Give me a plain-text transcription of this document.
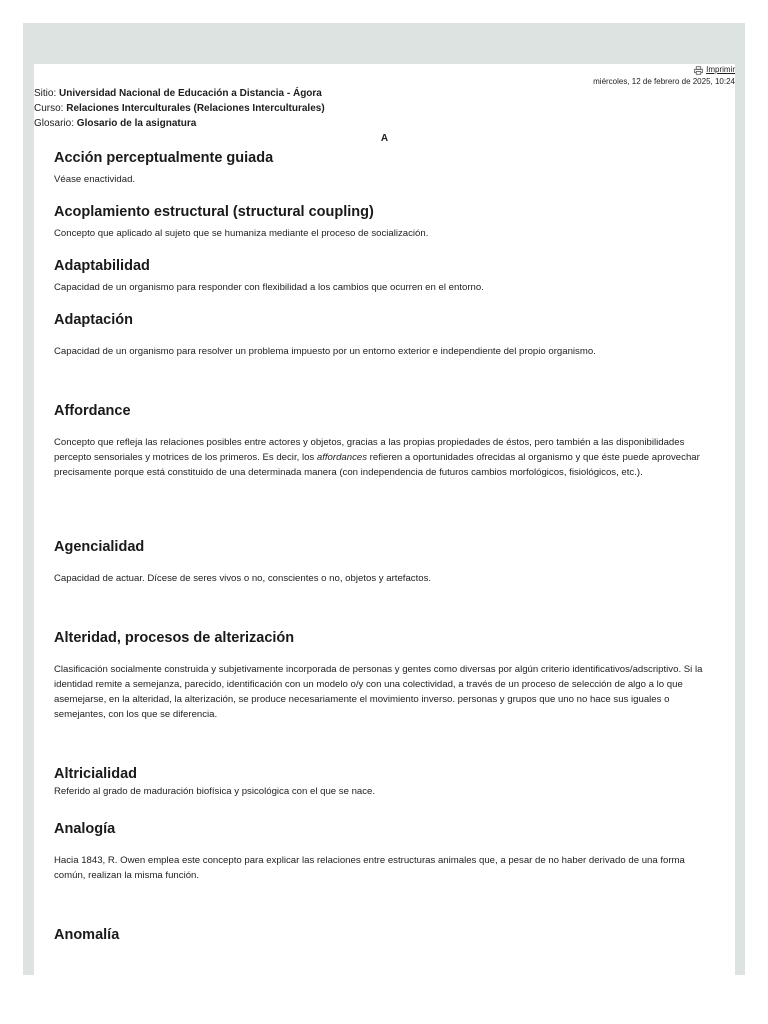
Imprimir
miércoles, 12 de febrero de 2025, 10:24
Sitio: Universidad Nacional de Educación a Distancia - Ágora
Curso: Relaciones Interculturales (Relaciones Interculturales)
Glosario: Glosario de la asignatura
A
Acción perceptualmente guiada

Véase enactividad.

Acoplamiento estructural (structural coupling)

Concepto que aplicado al sujeto que se humaniza mediante el proceso de socialización.

Adaptabilidad

Capacidad de un organismo para responder con flexibilidad a los cambios que ocurren en el entorno.

Adaptación

Capacidad de un organismo para resolver un problema impuesto por un entorno exterior e independiente del propio organismo.

Affordance

Concepto que refleja las relaciones posibles entre actores y objetos, gracias a las propias propiedades de éstos, pero también a las disponibilidades percepto sensoriales y motrices de los primeros. Es decir, los affordances refieren a oportunidades ofrecidas al organismo y que éste puede aprovechar precisamente porque está constituido de una determinada manera (con independencia de futuros cambios morfológicos, fisiológicos, etc.).

Agencialidad

Capacidad de actuar. Dícese de seres vivos o no, conscientes o no, objetos y artefactos.

Alteridad, procesos de alterización

Clasificación socialmente construida y subjetivamente incorporada de personas y gentes como diversas por algún criterio identificativos/adscriptivo. Si la identidad remite a semejanza, parecido, identificación con un modelo o/y con una colectividad, a través de un proceso de selección de algo a lo que asemejarse, en la alteridad, la alterización, se produce necesariamente el movimiento inverso. personas y grupos que uno no hace sus iguales o semejantes, con los que se diferencia.

Altricialidad

Referido al grado de maduración biofísica y psicológica con el que se nace.

Analogía

Hacia 1843, R. Owen emplea este concepto para explicar las relaciones entre estructuras animales que, a pesar de no haber derivado de una forma común, realizan la misma función.

Anomalía
